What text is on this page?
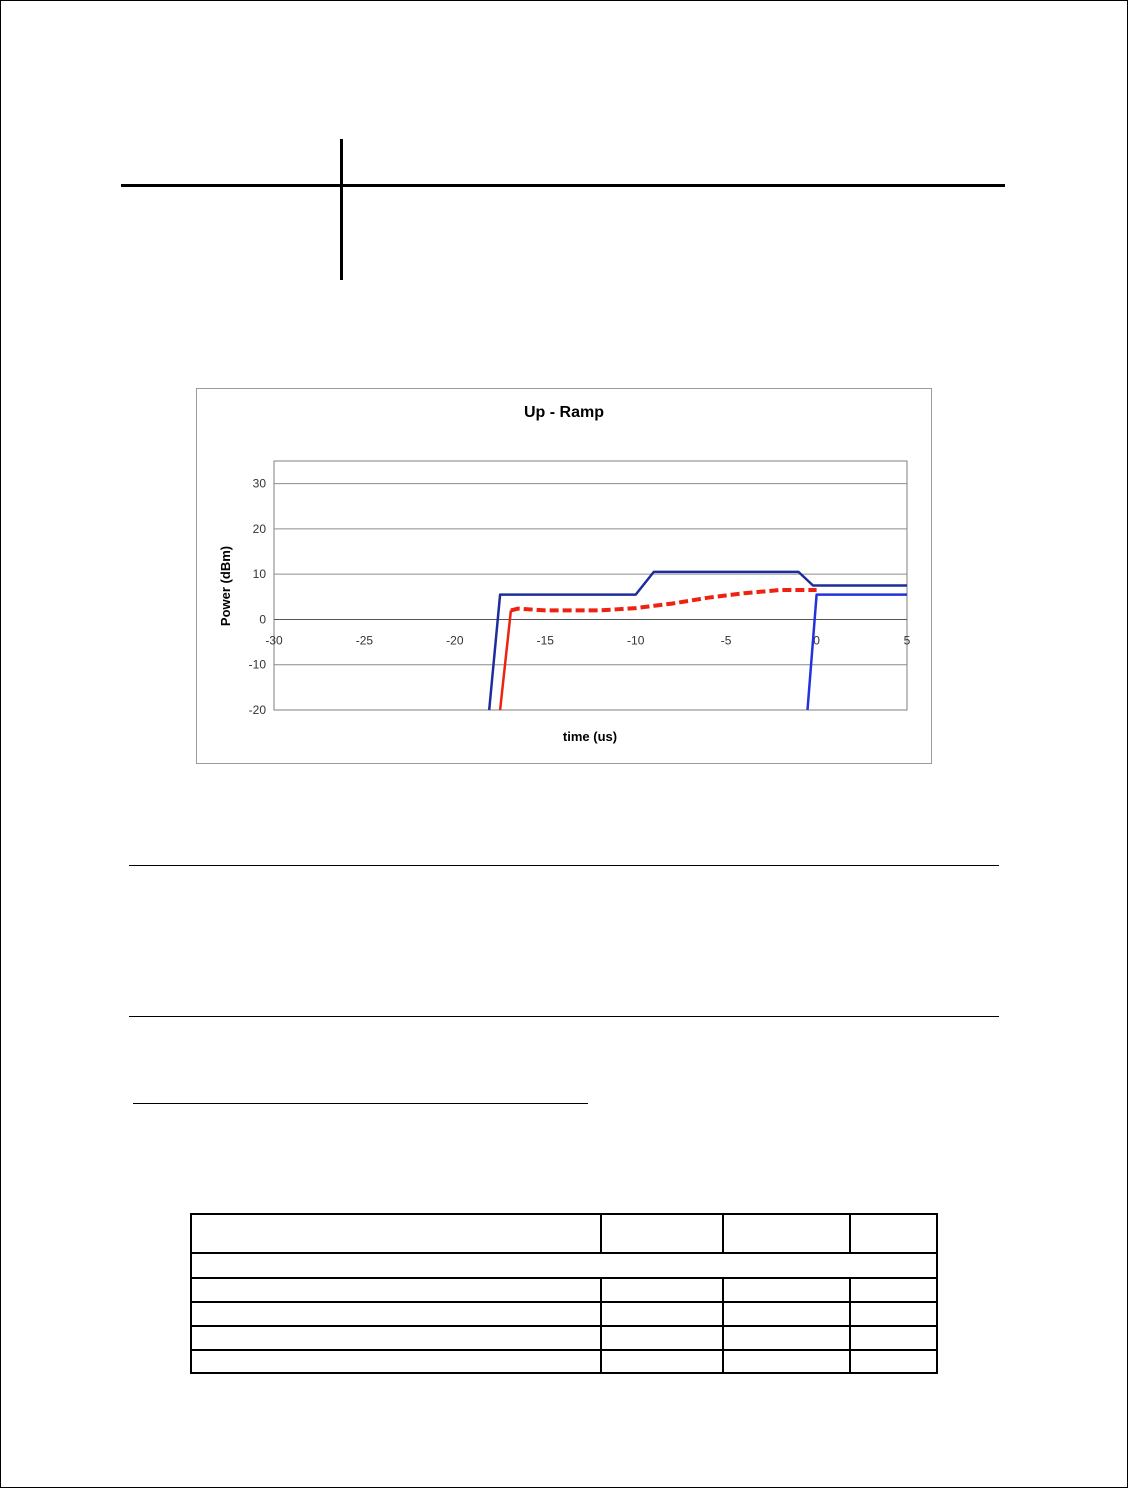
Up - Ramp
-20
-10
0
10
20
30
-30	-25	-20	-15	-10	-5	0	5
time (us)
Power (dBm)
